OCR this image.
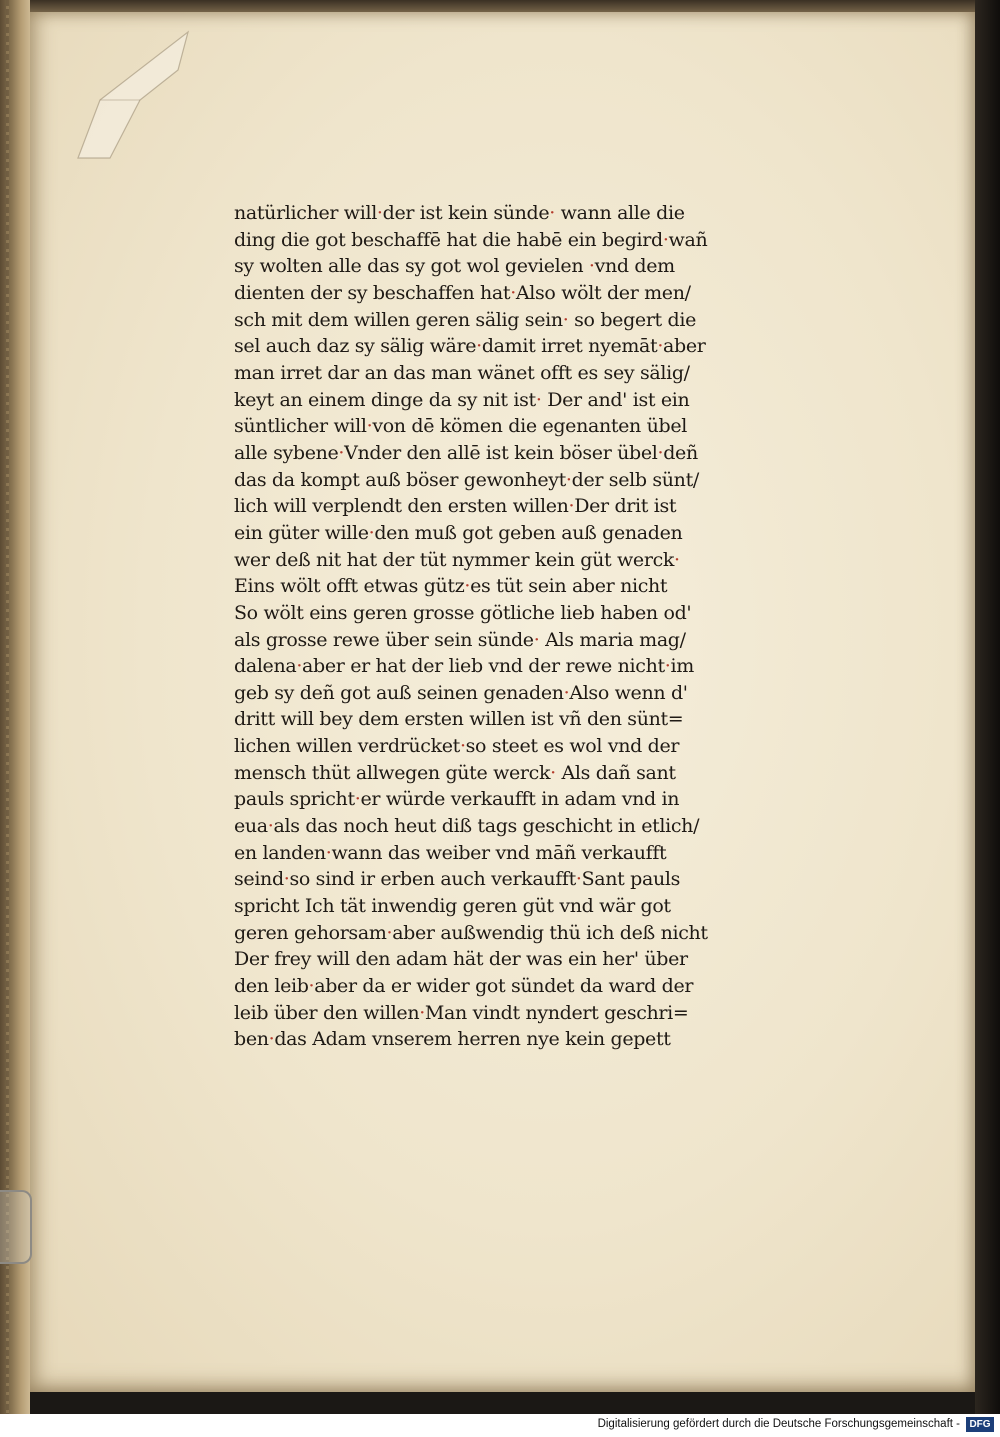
natürlicher will·der ist kein sünde· wann alle die
ding die got beschaffē hat die habē ein begird·wañ
sy wolten alle das sy got wol gevielen ·vnd dem
dienten der sy beschaffen hat·Also wölt der men/
sch mit dem willen geren sälig sein· so begert die
sel auch daz sy sälig wäre·damit irret nyemāt·aber
man irret dar an das man wänet offt es sey sälig/
keyt an einem dinge da sy nit ist· Der and' ist ein
süntlicher will·von dē kömen die egenanten übel
alle sybene·Vnder den allē ist kein böser übel·deñ
das da kompt auß böser gewonheyt·der selb sünt/
lich will verplendt den ersten willen·Der drit ist
ein güter wille·den muß got geben auß genaden
wer deß nit hat der tüt nymmer kein güt werck·
Eins wölt offt etwas gütz·es tüt sein aber nicht
So wölt eins geren grosse götliche lieb haben od'
als grosse rewe über sein sünde· Als maria mag/
dalena·aber er hat der lieb vnd der rewe nicht·im
geb sy deñ got auß seinen genaden·Also wenn d'
dritt will bey dem ersten willen ist vñ den sünt=
lichen willen verdrücket·so steet es wol vnd der
mensch thüt allwegen güte werck· Als dañ sant
pauls spricht·er würde verkaufft in adam vnd in
eua·als das noch heut diß tags geschicht in etlich/
en landen·wann das weiber vnd māñ verkaufft
seind·so sind ir erben auch verkaufft·Sant pauls
spricht Ich tät inwendig geren güt vnd wär got
geren gehorsam·aber außwendig thü ich deß nicht
Der frey will den adam hät der was ein her' über
den leib·aber da er wider got sündet da ward der
leib über den willen·Man vindt nyndert geschri=
ben·das Adam vnserem herren nye kein gepett
Digitalisierung gefördert durch die Deutsche Forschungsgemeinschaft - DFG
